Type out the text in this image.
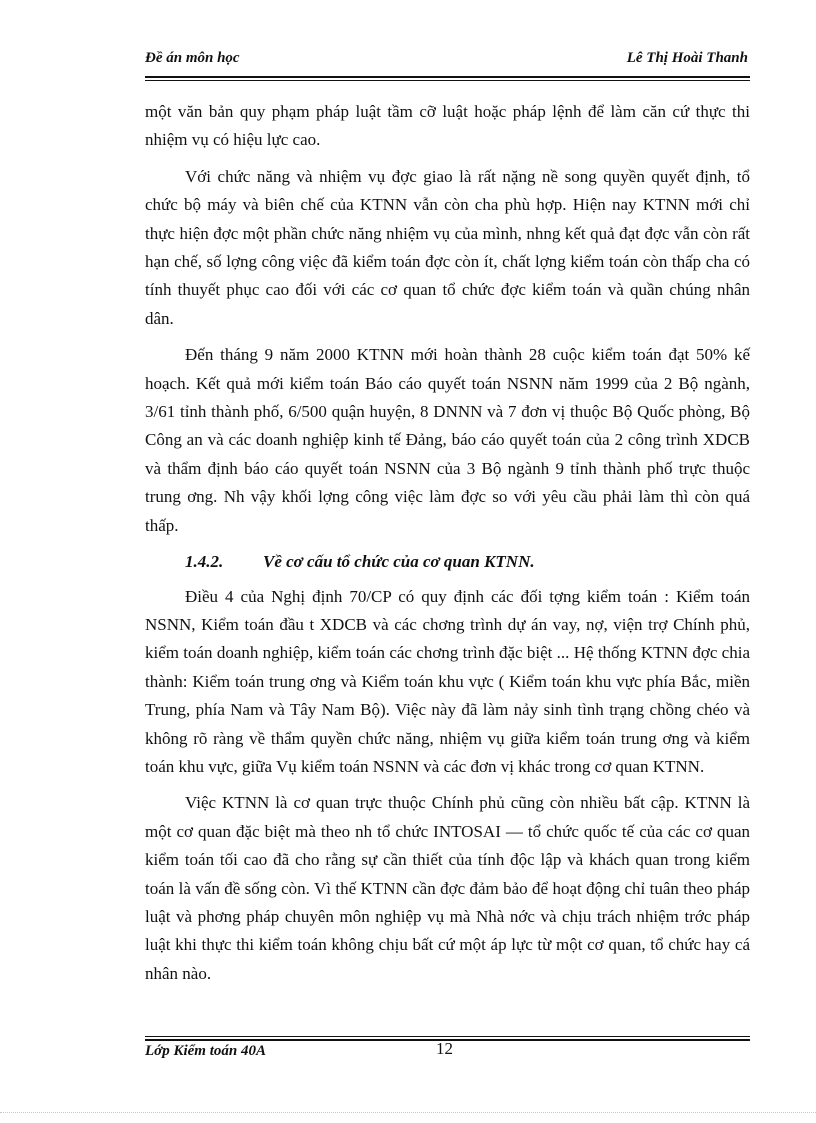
Đề án môn học	Lê Thị Hoài Thanh

một văn bản quy phạm pháp luật tầm cỡ luật hoặc pháp lệnh để làm căn cứ thực thi nhiệm vụ có hiệu lực cao.

Với chức năng và nhiệm vụ đợc giao là rất nặng nề song quyền quyết định, tổ chức bộ máy và biên chế của KTNN vẫn còn cha phù hợp. Hiện nay KTNN mới chỉ thực hiện đợc một phần chức năng nhiệm vụ của mình, nhng kết quả đạt đợc vẫn còn rất hạn chế, số lợng công việc đã kiểm toán đợc còn ít, chất lợng kiểm toán còn thấp cha có tính thuyết phục cao đối với các cơ quan tổ chức đợc kiểm toán và quần chúng nhân dân.

Đến tháng 9 năm 2000 KTNN mới hoàn thành 28 cuộc kiểm toán đạt 50% kế hoạch. Kết quả mới kiểm toán Báo cáo quyết toán NSNN năm 1999 của 2 Bộ ngành, 3/61 tỉnh thành phố, 6/500 quận huyện, 8 DNNN và 7 đơn vị thuộc Bộ Quốc phòng, Bộ Công an và các doanh nghiệp kinh tế Đảng, báo cáo quyết toán của 2 công trình XDCB và thẩm định báo cáo quyết toán NSNN của 3 Bộ ngành 9 tỉnh thành phố trực thuộc trung ơng. Nh vậy khối lợng công việc làm đợc so với yêu cầu phải làm thì còn quá thấp.

1.4.2. Về cơ cấu tổ chức của cơ quan KTNN.

Điều 4 của Nghị định 70/CP có quy định các đối tợng kiểm toán : Kiểm toán NSNN, Kiểm toán đầu t XDCB và các chơng trình dự án vay, nợ, viện trợ Chính phủ, kiểm toán doanh nghiệp, kiểm toán các chơng trình đặc biệt ... Hệ thống KTNN đợc chia thành: Kiểm toán trung ơng và Kiểm toán khu vực ( Kiểm toán khu vực phía Bắc, miền Trung, phía Nam và Tây Nam Bộ). Việc này đã làm nảy sinh tình trạng chồng chéo và không rõ ràng về thẩm quyền chức năng, nhiệm vụ giữa kiểm toán trung ơng và kiểm toán khu vực, giữa Vụ kiểm toán NSNN và các đơn vị khác trong cơ quan KTNN.

Việc KTNN là cơ quan trực thuộc Chính phủ cũng còn nhiều bất cập. KTNN là một cơ quan đặc biệt mà theo nh tổ chức INTOSAI — tổ chức quốc tế của các cơ quan kiểm toán tối cao đã cho rằng sự cần thiết của tính độc lập và khách quan trong kiểm toán là vấn đề sống còn. Vì thế KTNN cần đợc đảm bảo để hoạt động chỉ tuân theo pháp luật và phơng pháp chuyên môn nghiệp vụ mà Nhà nớc và chịu trách nhiệm trớc pháp luật khi thực thi kiểm toán không chịu bất cứ một áp lực từ một cơ quan, tổ chức hay cá nhân nào.

Lớp Kiểm toán 40A	12
